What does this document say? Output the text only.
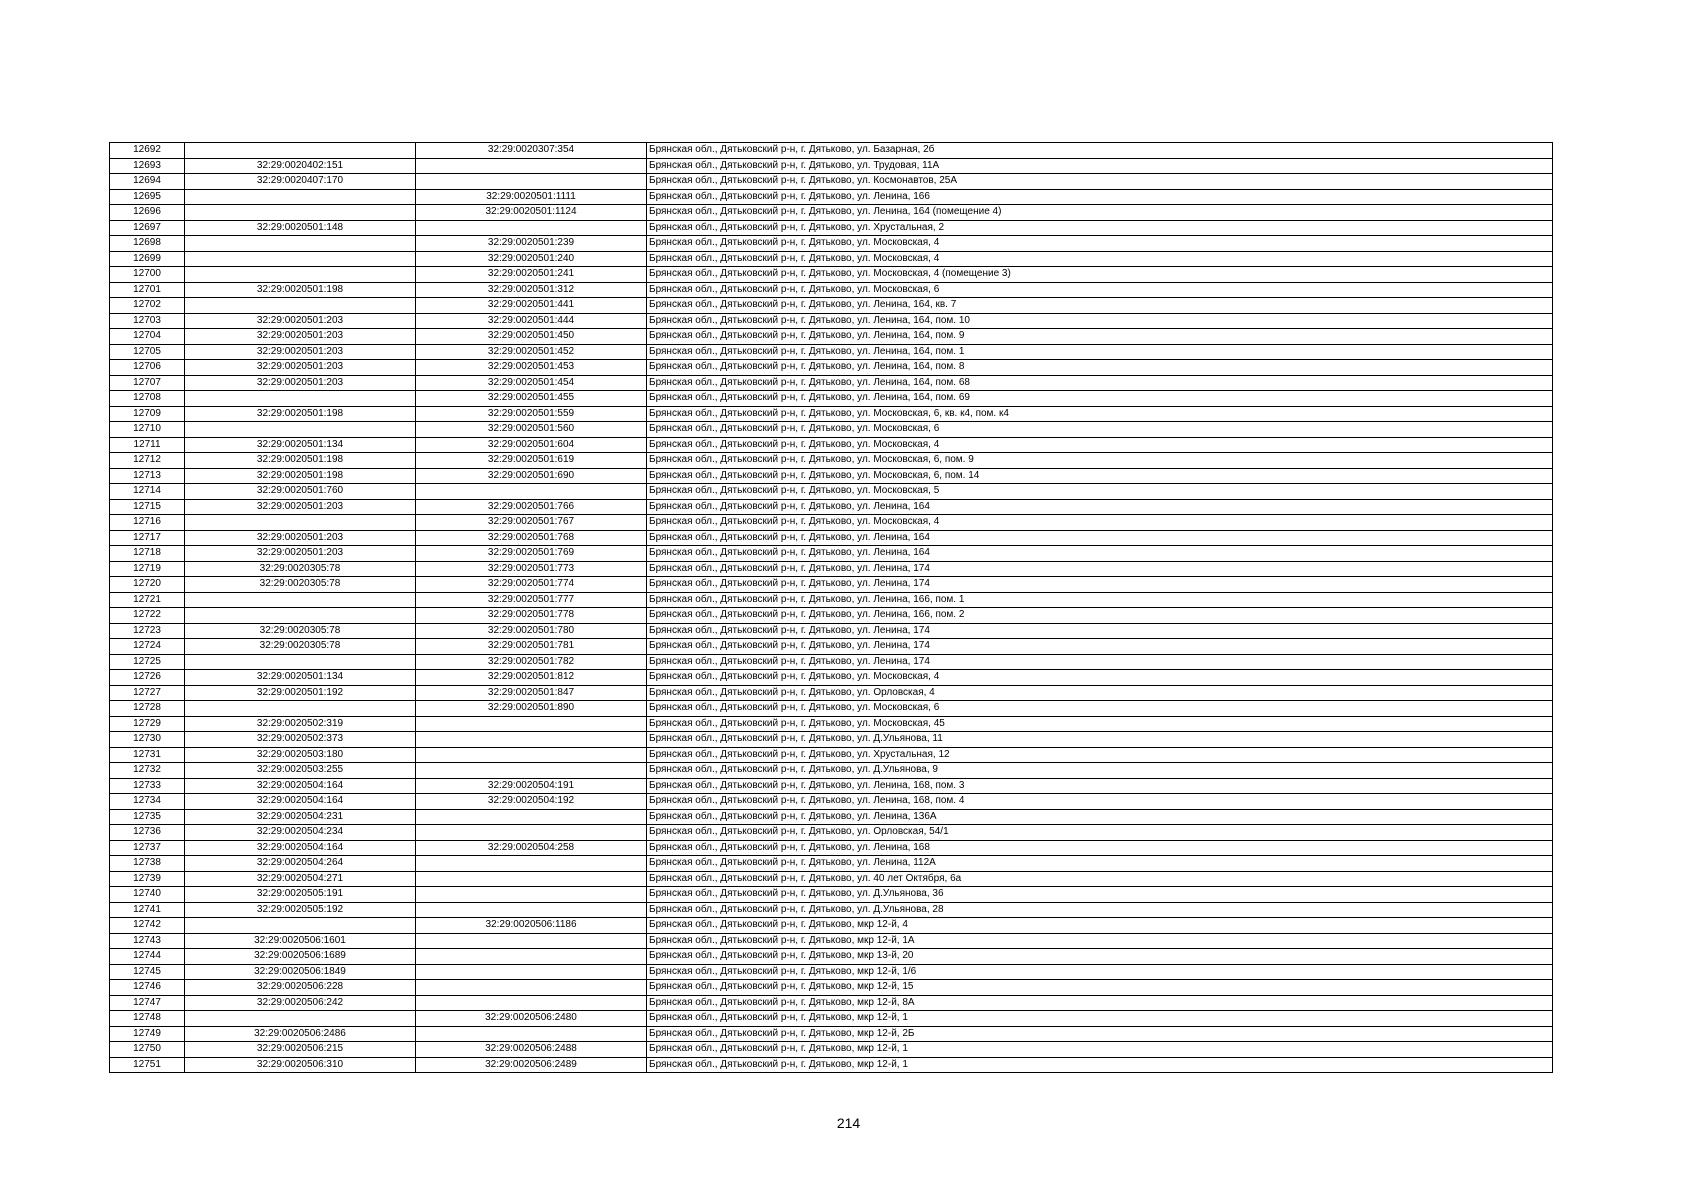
12692		32:29:0020307:354	Брянская обл., Дятьковский р-н, г. Дятьково, ул. Базарная, 2б
12693	32:29:0020402:151		Брянская обл., Дятьковский р-н, г. Дятьково, ул. Трудовая, 11А
12694	32:29:0020407:170		Брянская обл., Дятьковский р-н, г. Дятьково, ул. Космонавтов, 25А
12695		32:29:0020501:1111	Брянская обл., Дятьковский р-н, г. Дятьково, ул. Ленина, 166
12696		32:29:0020501:1124	Брянская обл., Дятьковский р-н, г. Дятьково, ул. Ленина, 164 (помещение 4)
12697	32:29:0020501:148		Брянская обл., Дятьковский р-н, г. Дятьково, ул. Хрустальная, 2
12698		32:29:0020501:239	Брянская обл., Дятьковский р-н, г. Дятьково, ул. Московская, 4
12699		32:29:0020501:240	Брянская обл., Дятьковский р-н, г. Дятьково, ул. Московская, 4
12700		32:29:0020501:241	Брянская обл., Дятьковский р-н, г. Дятьково, ул. Московская, 4 (помещение 3)
12701	32:29:0020501:198	32:29:0020501:312	Брянская обл., Дятьковский р-н, г. Дятьково, ул. Московская, 6
12702		32:29:0020501:441	Брянская обл., Дятьковский р-н, г. Дятьково, ул. Ленина, 164, кв. 7
12703	32:29:0020501:203	32:29:0020501:444	Брянская обл., Дятьковский р-н, г. Дятьково, ул. Ленина, 164, пом. 10
12704	32:29:0020501:203	32:29:0020501:450	Брянская обл., Дятьковский р-н, г. Дятьково, ул. Ленина, 164, пом. 9
12705	32:29:0020501:203	32:29:0020501:452	Брянская обл., Дятьковский р-н, г. Дятьково, ул. Ленина, 164, пом. 1
12706	32:29:0020501:203	32:29:0020501:453	Брянская обл., Дятьковский р-н, г. Дятьково, ул. Ленина, 164, пом. 8
12707	32:29:0020501:203	32:29:0020501:454	Брянская обл., Дятьковский р-н, г. Дятьково, ул. Ленина, 164, пом. 68
12708		32:29:0020501:455	Брянская обл., Дятьковский р-н, г. Дятьково, ул. Ленина, 164, пом. 69
12709	32:29:0020501:198	32:29:0020501:559	Брянская обл., Дятьковский р-н, г. Дятьково, ул. Московская, 6, кв. к4, пом. к4
12710		32:29:0020501:560	Брянская обл., Дятьковский р-н, г. Дятьково, ул. Московская, 6
12711	32:29:0020501:134	32:29:0020501:604	Брянская обл., Дятьковский р-н, г. Дятьково, ул. Московская, 4
12712	32:29:0020501:198	32:29:0020501:619	Брянская обл., Дятьковский р-н, г. Дятьково, ул. Московская, 6, пом. 9
12713	32:29:0020501:198	32:29:0020501:690	Брянская обл., Дятьковский р-н, г. Дятьково, ул. Московская, 6, пом. 14
12714	32:29:0020501:760		Брянская обл., Дятьковский р-н, г. Дятьково, ул. Московская, 5
12715	32:29:0020501:203	32:29:0020501:766	Брянская обл., Дятьковский р-н, г. Дятьково, ул. Ленина, 164
12716		32:29:0020501:767	Брянская обл., Дятьковский р-н, г. Дятьково, ул. Московская, 4
12717	32:29:0020501:203	32:29:0020501:768	Брянская обл., Дятьковский р-н, г. Дятьково, ул. Ленина, 164
12718	32:29:0020501:203	32:29:0020501:769	Брянская обл., Дятьковский р-н, г. Дятьково, ул. Ленина, 164
12719	32:29:0020305:78	32:29:0020501:773	Брянская обл., Дятьковский р-н, г. Дятьково, ул. Ленина, 174
12720	32:29:0020305:78	32:29:0020501:774	Брянская обл., Дятьковский р-н, г. Дятьково, ул. Ленина, 174
12721		32:29:0020501:777	Брянская обл., Дятьковский р-н, г. Дятьково, ул. Ленина, 166, пом. 1
12722		32:29:0020501:778	Брянская обл., Дятьковский р-н, г. Дятьково, ул. Ленина, 166, пом. 2
12723	32:29:0020305:78	32:29:0020501:780	Брянская обл., Дятьковский р-н, г. Дятьково, ул. Ленина, 174
12724	32:29:0020305:78	32:29:0020501:781	Брянская обл., Дятьковский р-н, г. Дятьково, ул. Ленина, 174
12725		32:29:0020501:782	Брянская обл., Дятьковский р-н, г. Дятьково, ул. Ленина, 174
12726	32:29:0020501:134	32:29:0020501:812	Брянская обл., Дятьковский р-н, г. Дятьково, ул. Московская, 4
12727	32:29:0020501:192	32:29:0020501:847	Брянская обл., Дятьковский р-н, г. Дятьково, ул. Орловская, 4
12728		32:29:0020501:890	Брянская обл., Дятьковский р-н, г. Дятьково, ул. Московская, 6
12729	32:29:0020502:319		Брянская обл., Дятьковский р-н, г. Дятьково, ул. Московская, 45
12730	32:29:0020502:373		Брянская обл., Дятьковский р-н, г. Дятьково, ул. Д.Ульянова, 11
12731	32:29:0020503:180		Брянская обл., Дятьковский р-н, г. Дятьково, ул. Хрустальная, 12
12732	32:29:0020503:255		Брянская обл., Дятьковский р-н, г. Дятьково, ул. Д.Ульянова, 9
12733	32:29:0020504:164	32:29:0020504:191	Брянская обл., Дятьковский р-н, г. Дятьково, ул. Ленина, 168, пом. 3
12734	32:29:0020504:164	32:29:0020504:192	Брянская обл., Дятьковский р-н, г. Дятьково, ул. Ленина, 168, пом. 4
12735	32:29:0020504:231		Брянская обл., Дятьковский р-н, г. Дятьково, ул. Ленина, 136А
12736	32:29:0020504:234		Брянская обл., Дятьковский р-н, г. Дятьково, ул. Орловская, 54/1
12737	32:29:0020504:164	32:29:0020504:258	Брянская обл., Дятьковский р-н, г. Дятьково, ул. Ленина, 168
12738	32:29:0020504:264		Брянская обл., Дятьковский р-н, г. Дятьково, ул. Ленина, 112А
12739	32:29:0020504:271		Брянская обл., Дятьковский р-н, г. Дятьково, ул. 40 лет Октября, 6а
12740	32:29:0020505:191		Брянская обл., Дятьковский р-н, г. Дятьково, ул. Д.Ульянова, 36
12741	32:29:0020505:192		Брянская обл., Дятьковский р-н, г. Дятьково, ул. Д.Ульянова, 28
12742		32:29:0020506:1186	Брянская обл., Дятьковский р-н, г. Дятьково, мкр 12-й, 4
12743	32:29:0020506:1601		Брянская обл., Дятьковский р-н, г. Дятьково, мкр 12-й, 1А
12744	32:29:0020506:1689		Брянская обл., Дятьковский р-н, г. Дятьково, мкр 13-й, 20
12745	32:29:0020506:1849		Брянская обл., Дятьковский р-н, г. Дятьково, мкр 12-й, 1/6
12746	32:29:0020506:228		Брянская обл., Дятьковский р-н, г. Дятьково, мкр 12-й, 15
12747	32:29:0020506:242		Брянская обл., Дятьковский р-н, г. Дятьково, мкр 12-й, 8А
12748		32:29:0020506:2480	Брянская обл., Дятьковский р-н, г. Дятьково, мкр 12-й, 1
12749	32:29:0020506:2486		Брянская обл., Дятьковский р-н, г. Дятьково, мкр 12-й, 2Б
12750	32:29:0020506:215	32:29:0020506:2488	Брянская обл., Дятьковский р-н, г. Дятьково, мкр 12-й, 1
12751	32:29:0020506:310	32:29:0020506:2489	Брянская обл., Дятьковский р-н, г. Дятьково, мкр 12-й, 1
214
